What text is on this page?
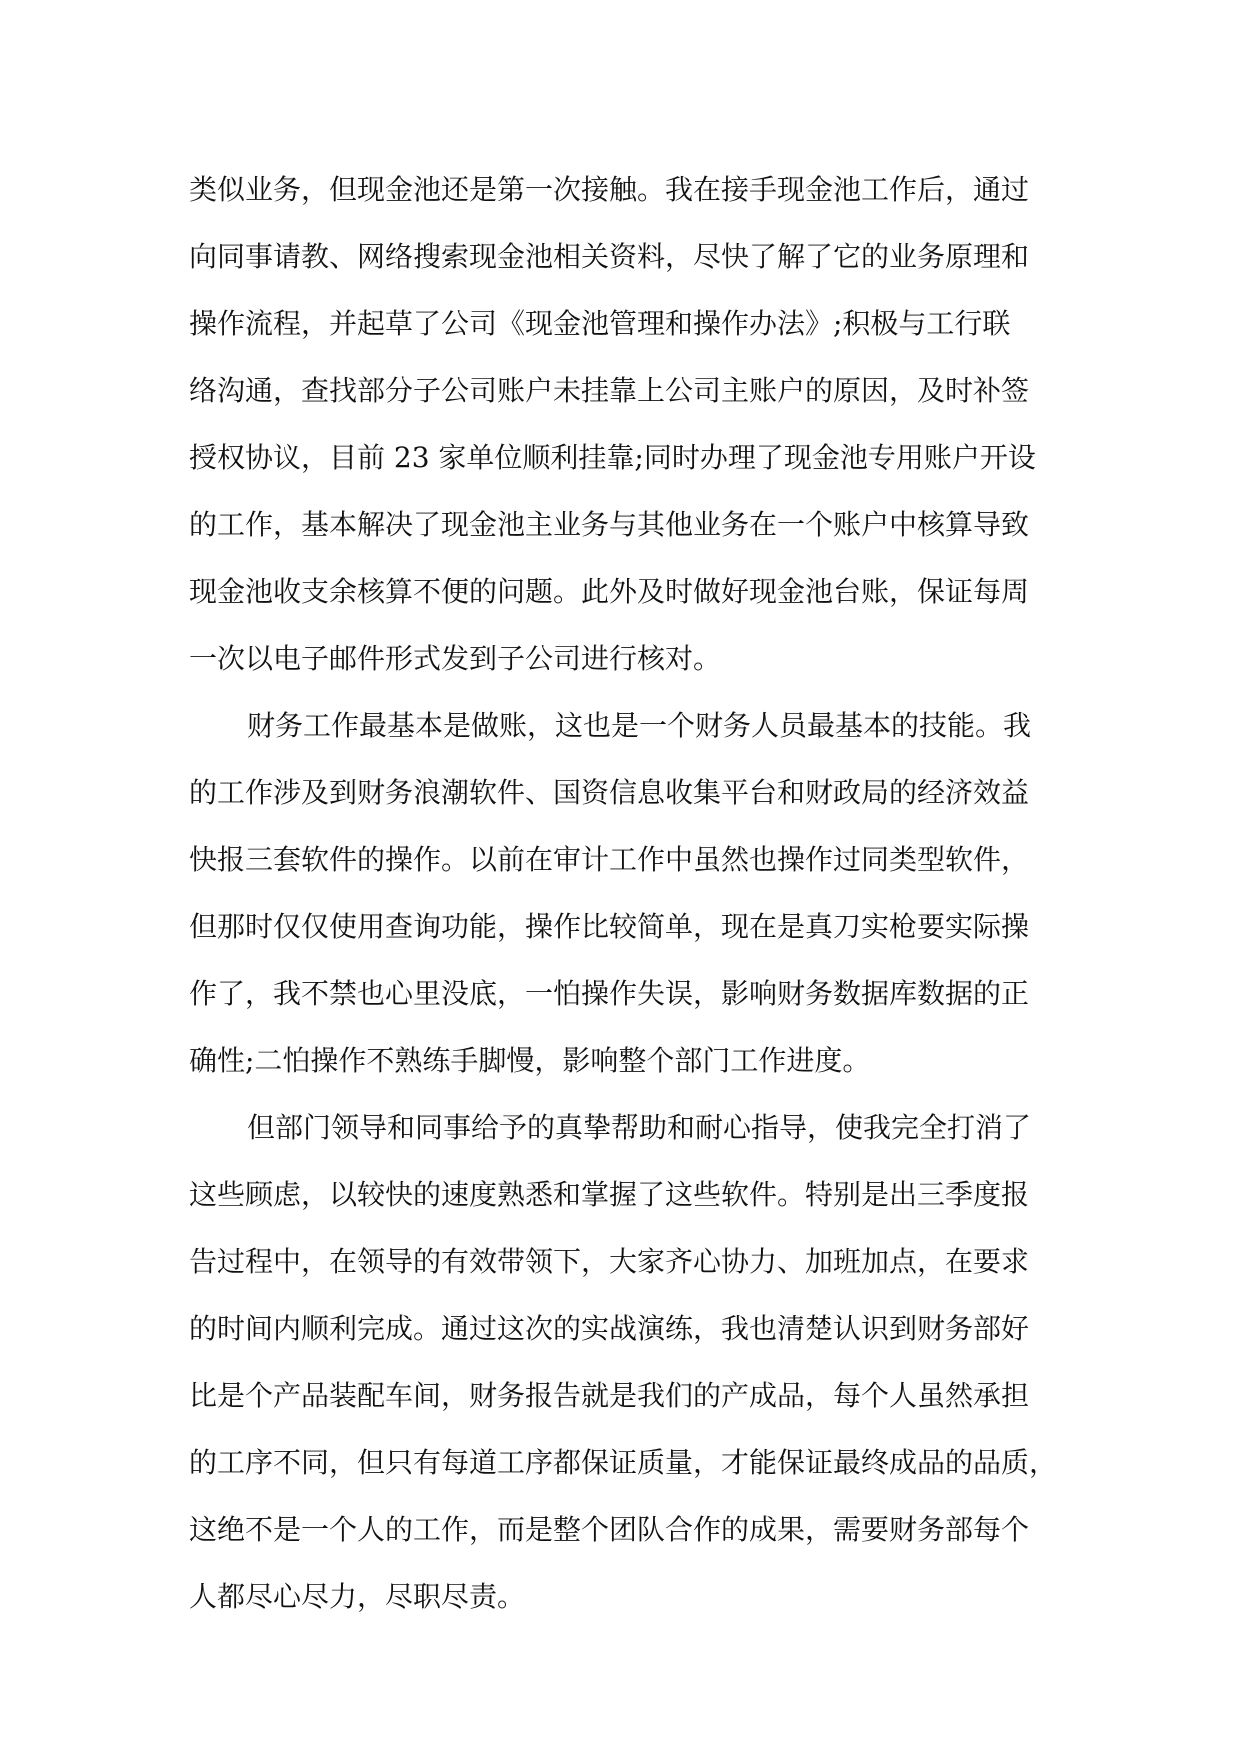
类似业务，但现金池还是第一次接触。我在接手现金池工作后，通过
向同事请教、网络搜索现金池相关资料，尽快了解了它的业务原理和
操作流程，并起草了公司《现金池管理和操作办法》;积极与工行联
络沟通，查找部分子公司账户未挂靠上公司主账户的原因，及时补签
授权协议，目前 23 家单位顺利挂靠;同时办理了现金池专用账户开设
的工作，基本解决了现金池主业务与其他业务在一个账户中核算导致
现金池收支余核算不便的问题。此外及时做好现金池台账，保证每周
一次以电子邮件形式发到子公司进行核对。
财务工作最基本是做账，这也是一个财务人员最基本的技能。我
的工作涉及到财务浪潮软件、国资信息收集平台和财政局的经济效益
快报三套软件的操作。以前在审计工作中虽然也操作过同类型软件，
但那时仅仅使用查询功能，操作比较简单，现在是真刀实枪要实际操
作了，我不禁也心里没底，一怕操作失误，影响财务数据库数据的正
确性;二怕操作不熟练手脚慢，影响整个部门工作进度。
但部门领导和同事给予的真挚帮助和耐心指导，使我完全打消了
这些顾虑，以较快的速度熟悉和掌握了这些软件。特别是出三季度报
告过程中，在领导的有效带领下，大家齐心协力、加班加点，在要求
的时间内顺利完成。通过这次的实战演练，我也清楚认识到财务部好
比是个产品装配车间，财务报告就是我们的产成品，每个人虽然承担
的工序不同，但只有每道工序都保证质量，才能保证最终成品的品质，
这绝不是一个人的工作，而是整个团队合作的成果，需要财务部每个
人都尽心尽力，尽职尽责。
